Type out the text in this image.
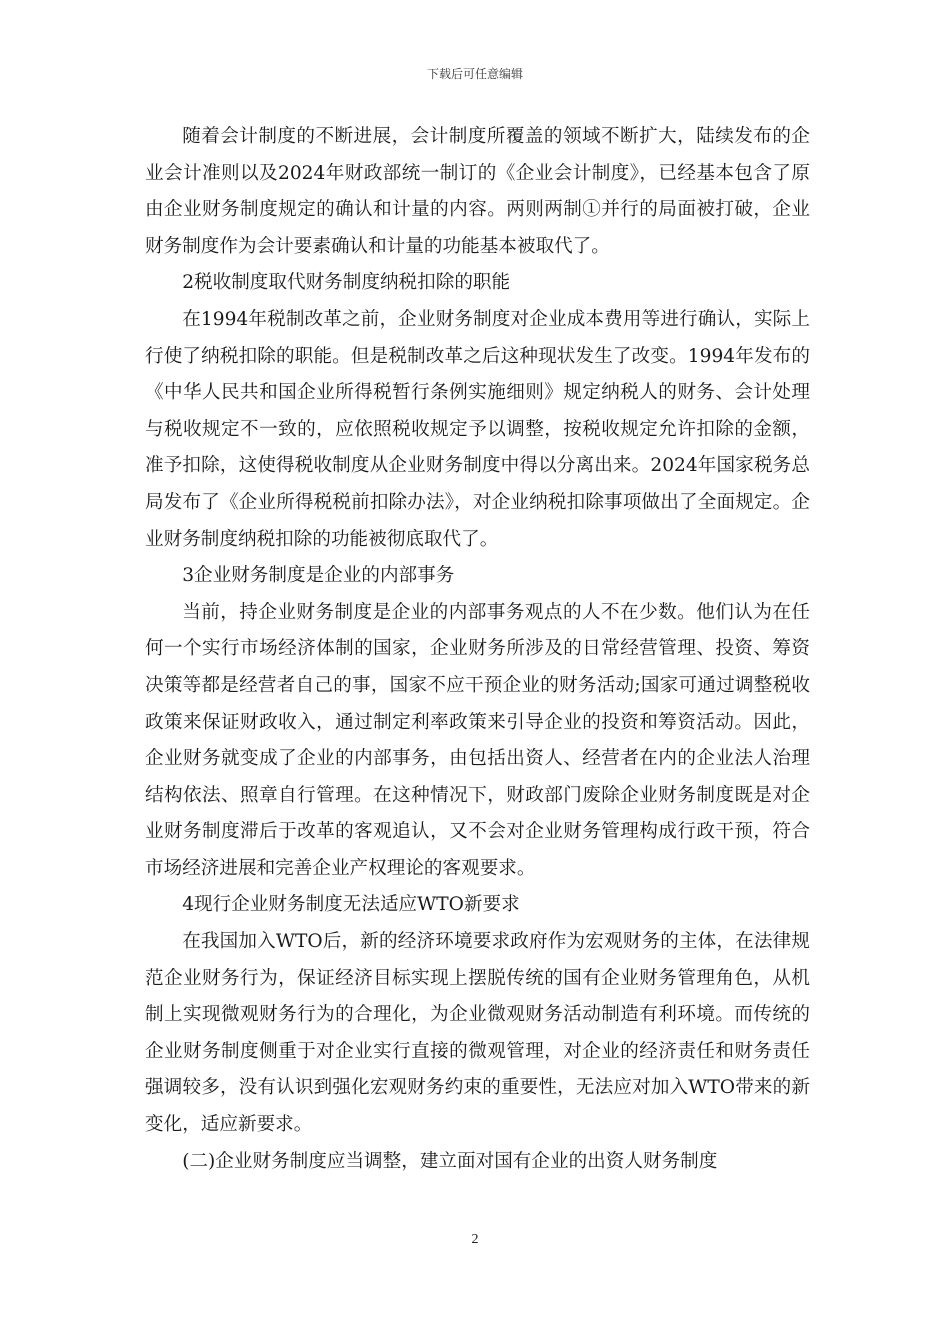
下载后可任意编辑

随着会计制度的不断进展，会计制度所覆盖的领域不断扩大，陆续发布的企业会计准则以及2024年财政部统一制订的《企业会计制度》，已经基本包含了原由企业财务制度规定的确认和计量的内容。两则两制①并行的局面被打破，企业财务制度作为会计要素确认和计量的功能基本被取代了。

2税收制度取代财务制度纳税扣除的职能

在1994年税制改革之前，企业财务制度对企业成本费用等进行确认，实际上行使了纳税扣除的职能。但是税制改革之后这种现状发生了改变。1994年发布的《中华人民共和国企业所得税暂行条例实施细则》规定纳税人的财务、会计处理与税收规定不一致的，应依照税收规定予以调整，按税收规定允许扣除的金额，准予扣除，这使得税收制度从企业财务制度中得以分离出来。2024年国家税务总局发布了《企业所得税税前扣除办法》，对企业纳税扣除事项做出了全面规定。企业财务制度纳税扣除的功能被彻底取代了。

3企业财务制度是企业的内部事务

当前，持企业财务制度是企业的内部事务观点的人不在少数。他们认为在任何一个实行市场经济体制的国家，企业财务所涉及的日常经营管理、投资、筹资决策等都是经营者自己的事，国家不应干预企业的财务活动;国家可通过调整税收政策来保证财政收入，通过制定利率政策来引导企业的投资和筹资活动。因此，企业财务就变成了企业的内部事务，由包括出资人、经营者在内的企业法人治理结构依法、照章自行管理。在这种情况下，财政部门废除企业财务制度既是对企业财务制度滞后于改革的客观追认，又不会对企业财务管理构成行政干预，符合市场经济进展和完善企业产权理论的客观要求。

4现行企业财务制度无法适应WTO新要求

在我国加入WTO后，新的经济环境要求政府作为宏观财务的主体，在法律规范企业财务行为，保证经济目标实现上摆脱传统的国有企业财务管理角色，从机制上实现微观财务行为的合理化，为企业微观财务活动制造有利环境。而传统的企业财务制度侧重于对企业实行直接的微观管理，对企业的经济责任和财务责任强调较多，没有认识到强化宏观财务约束的重要性，无法应对加入WTO带来的新变化，适应新要求。

(二)企业财务制度应当调整，建立面对国有企业的出资人财务制度

2
